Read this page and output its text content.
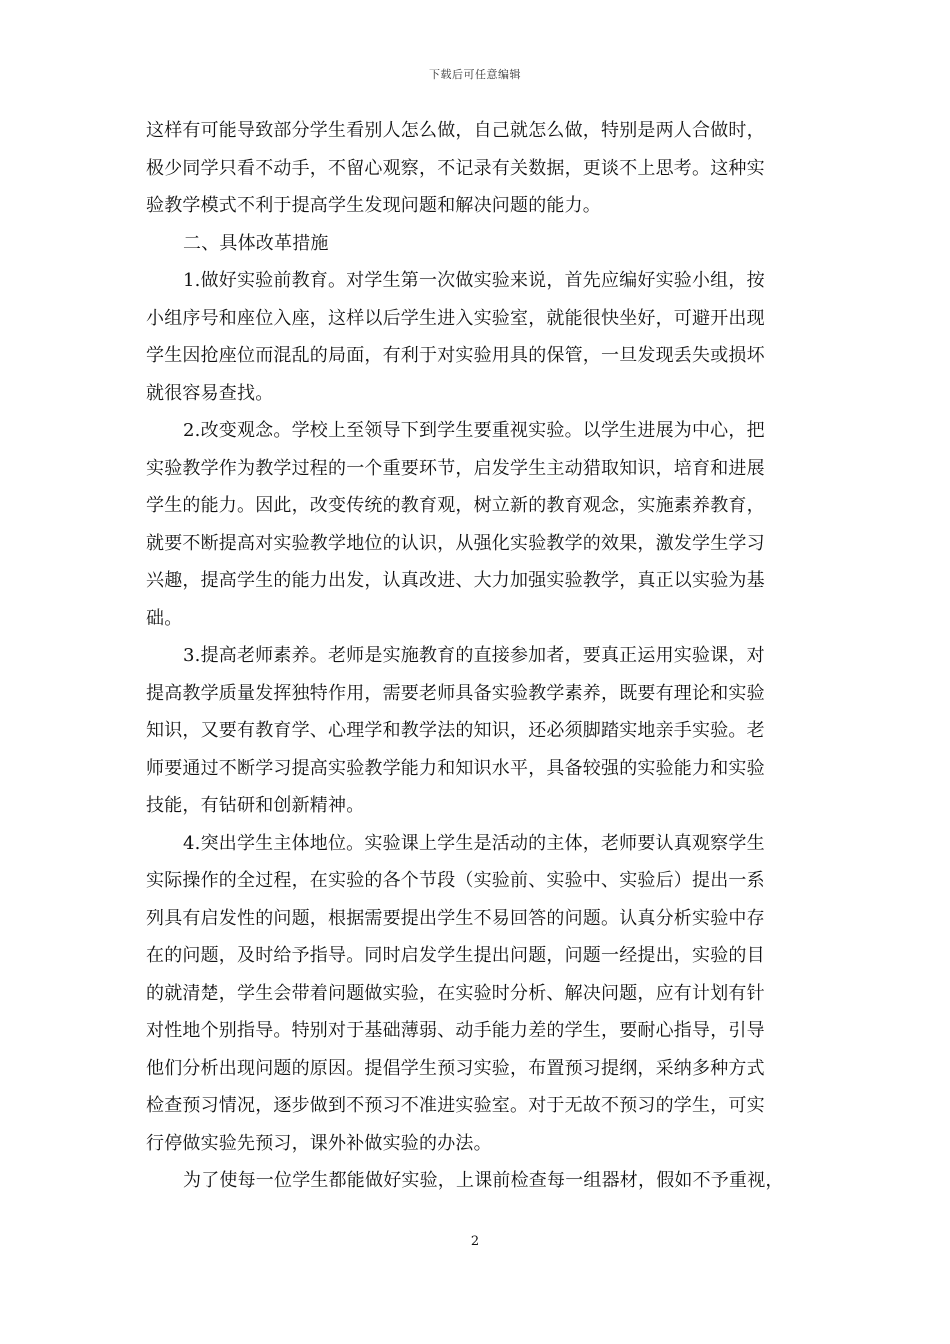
下载后可任意编辑
这样有可能导致部分学生看别人怎么做，自己就怎么做，特别是两人合做时，
极少同学只看不动手，不留心观察，不记录有关数据，更谈不上思考。这种实
验教学模式不利于提高学生发现问题和解决问题的能力。
二、具体改革措施
1.做好实验前教育。对学生第一次做实验来说，首先应编好实验小组，按
小组序号和座位入座，这样以后学生进入实验室，就能很快坐好，可避开出现
学生因抢座位而混乱的局面，有利于对实验用具的保管，一旦发现丢失或损坏
就很容易查找。
2.改变观念。学校上至领导下到学生要重视实验。以学生进展为中心，把
实验教学作为教学过程的一个重要环节，启发学生主动猎取知识，培育和进展
学生的能力。因此，改变传统的教育观，树立新的教育观念，实施素养教育，
就要不断提高对实验教学地位的认识，从强化实验教学的效果，激发学生学习
兴趣，提高学生的能力出发，认真改进、大力加强实验教学，真正以实验为基
础。
3.提高老师素养。老师是实施教育的直接参加者，要真正运用实验课，对
提高教学质量发挥独特作用，需要老师具备实验教学素养，既要有理论和实验
知识，又要有教育学、心理学和教学法的知识，还必须脚踏实地亲手实验。老
师要通过不断学习提高实验教学能力和知识水平，具备较强的实验能力和实验
技能，有钻研和创新精神。
4.突出学生主体地位。实验课上学生是活动的主体，老师要认真观察学生
实际操作的全过程，在实验的各个节段（实验前、实验中、实验后）提出一系
列具有启发性的问题，根据需要提出学生不易回答的问题。认真分析实验中存
在的问题，及时给予指导。同时启发学生提出问题，问题一经提出，实验的目
的就清楚，学生会带着问题做实验，在实验时分析、解决问题，应有计划有针
对性地个别指导。特别对于基础薄弱、动手能力差的学生，要耐心指导，引导
他们分析出现问题的原因。提倡学生预习实验，布置预习提纲，采纳多种方式
检查预习情况，逐步做到不预习不准进实验室。对于无故不预习的学生，可实
行停做实验先预习，课外补做实验的办法。
为了使每一位学生都能做好实验，上课前检查每一组器材，假如不予重视，
2
